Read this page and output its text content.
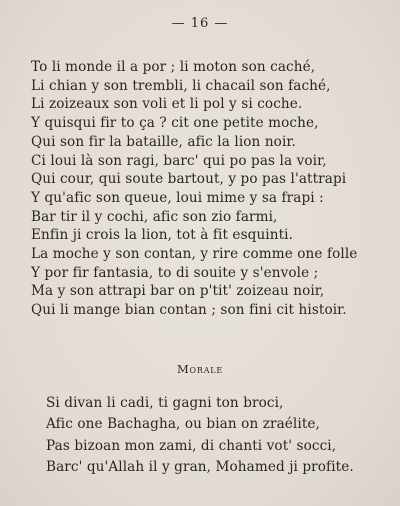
— 16 —
To li monde il a por ; li moton son caché,
Li chian y son trembli, li chacail son faché,
Li zoizeaux son voli et li pol y si coche.
Y quisqui fir to ça ? cit one petite moche,
Qui son fir la bataille, afic la lion noir.
Ci loui là son ragi, barc' qui po pas la voir,
Qui cour, qui soute bartout, y po pas l'attrapi
Y qu'afic son queue, loui mime y sa frapi :
Bar tir il y cochi, afic son zio farmi,
Enfin ji crois la lion, tot à fit esquinti.
La moche y son contan, y rire comme one folle
Y por fir fantasia, to di souite y s'envole ;
Ma y son attrapi bar on p'tit' zoizeau noir,
Qui li mange bian contan ; son fini cit histoir.
Morale
Si divan li cadi, ti gagni ton broci,
Afic one Bachagha, ou bian on zraélite,
Pas bizoan mon zami, di chanti vot' socci,
Barc' qu'Allah il y gran, Mohamed ji profite.
